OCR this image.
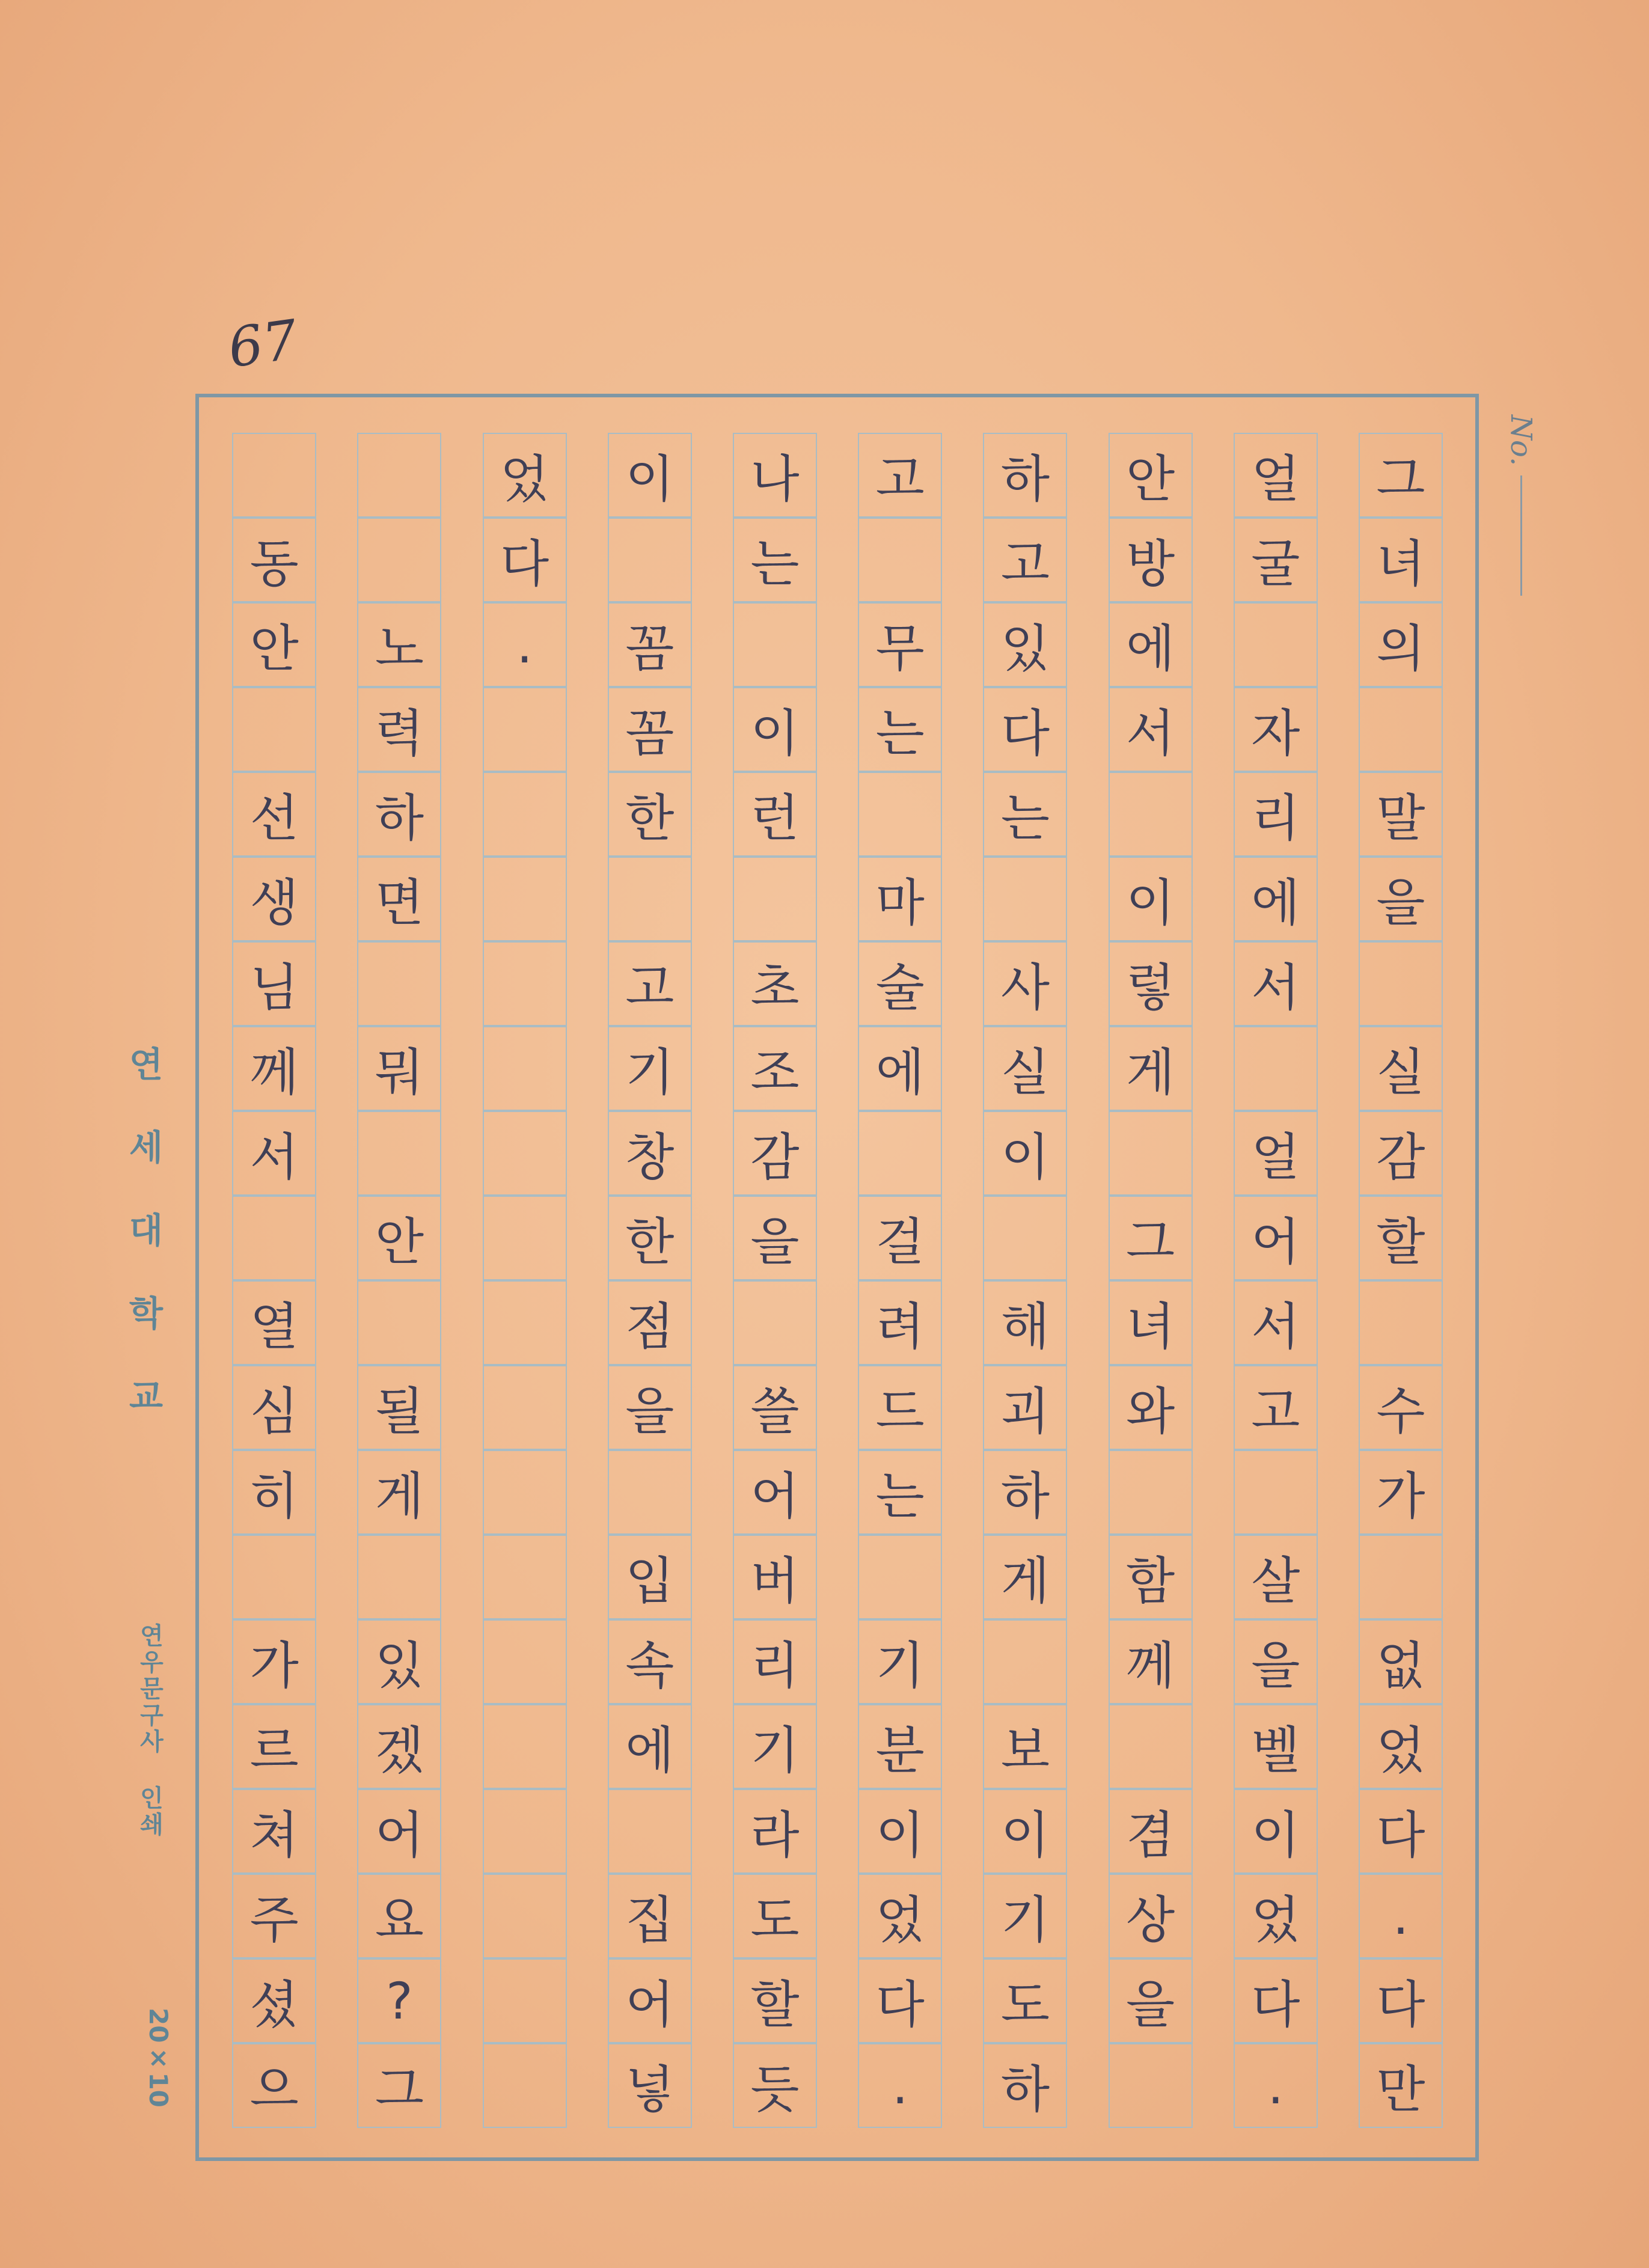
67
No.
그
녀
의
말
을
실
감
할
수
가
없
었
다
.
다
만
얼
굴
자
리
에
서
얼
어
서
고
살
을
벨
이
었
다
.
안
방
에
서
이
렇
게
그
녀
와
함
께
겸
상
을
하
고
있
다
는
사
실
이
해
괴
하
게
보
이
기
도
하
고
무
는
마
술
에
걸
려
드
는
기
분
이
었
다
.
나
는
이
런
초
조
감
을
쓸
어
버
리
기
라
도
할
듯
이
꼼
꼼
한
고
기
창
한
점
을
입
속
에
집
어
넣
었
다
.
노
력
하
면
뭐
안
될
게
있
겠
어
요
?
그
동
안
선
생
님
께
서
열
심
히
가
르
쳐
주
셨
으
연세대학교
연우문구사 인쇄
20×10
